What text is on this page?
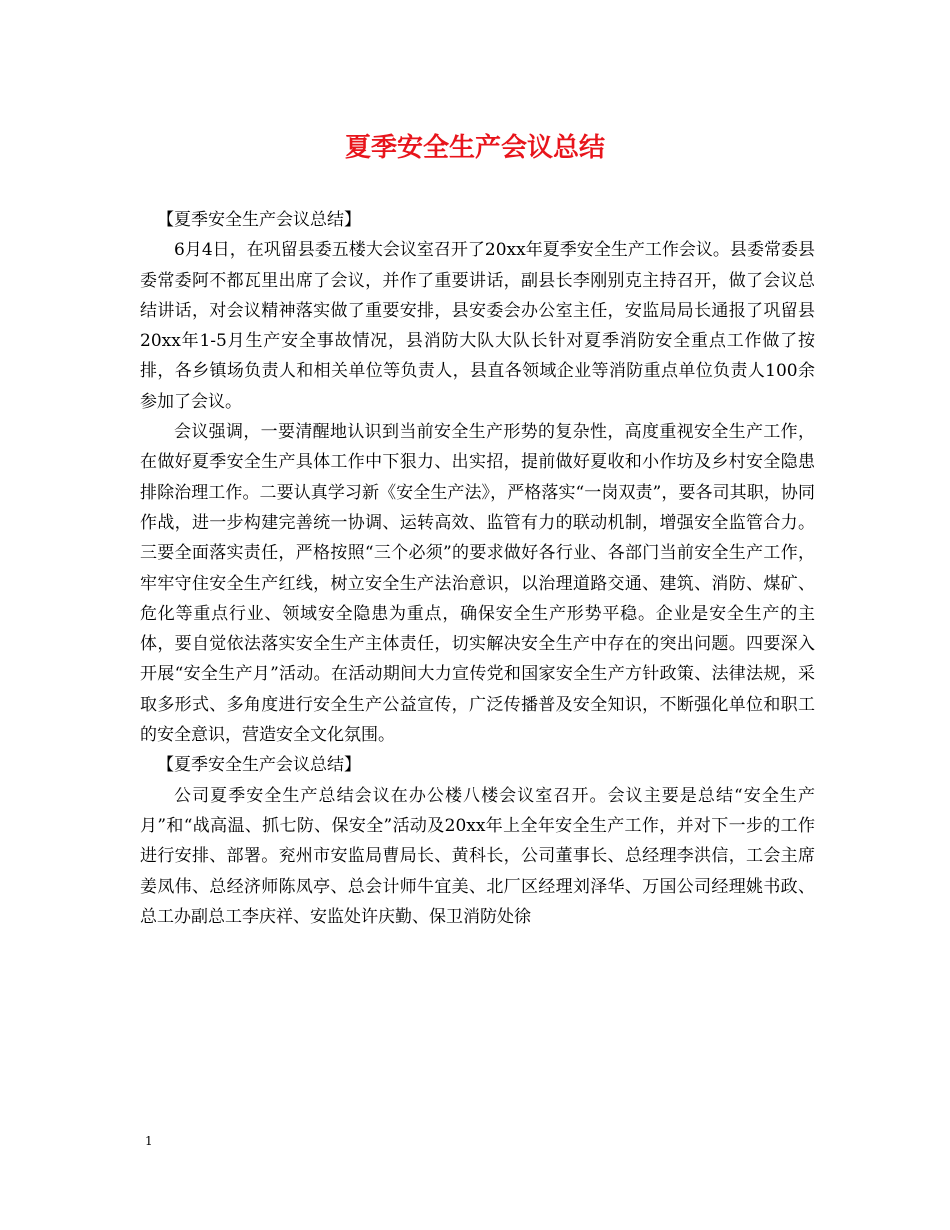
夏季安全生产会议总结

【夏季安全生产会议总结】

6月4日，在巩留县委五楼大会议室召开了20xx年夏季安全生产工作会议。县委常委县委常委阿不都瓦里出席了会议，并作了重要讲话，副县长李刚别克主持召开，做了会议总结讲话，对会议精神落实做了重要安排，县安委会办公室主任，安监局局长通报了巩留县20xx年1-5月生产安全事故情况，县消防大队大队长针对夏季消防安全重点工作做了按排，各乡镇场负责人和相关单位等负责人，县直各领域企业等消防重点单位负责人100余参加了会议。

会议强调，一要清醒地认识到当前安全生产形势的复杂性，高度重视安全生产工作，在做好夏季安全生产具体工作中下狠力、出实招，提前做好夏收和小作坊及乡村安全隐患排除治理工作。二要认真学习新《安全生产法》，严格落实“一岗双责”，要各司其职，协同作战，进一步构建完善统一协调、运转高效、监管有力的联动机制，增强安全监管合力。三要全面落实责任，严格按照“三个必须”的要求做好各行业、各部门当前安全生产工作，牢牢守住安全生产红线，树立安全生产法治意识，以治理道路交通、建筑、消防、煤矿、危化等重点行业、领域安全隐患为重点，确保安全生产形势平稳。企业是安全生产的主体，要自觉依法落实安全生产主体责任，切实解决安全生产中存在的突出问题。四要深入开展“安全生产月”活动。在活动期间大力宣传党和国家安全生产方针政策、法律法规，采取多形式、多角度进行安全生产公益宣传，广泛传播普及安全知识，不断强化单位和职工的安全意识，营造安全文化氛围。

【夏季安全生产会议总结】

公司夏季安全生产总结会议在办公楼八楼会议室召开。会议主要是总结“安全生产月”和“战高温、抓七防、保安全”活动及20xx年上全年安全生产工作，并对下一步的工作进行安排、部署。兖州市安监局曹局长、黄科长，公司董事长、总经理李洪信，工会主席姜凤伟、总经济师陈凤亭、总会计师牛宜美、北厂区经理刘泽华、万国公司经理姚书政、总工办副总工李庆祥、安监处许庆勤、保卫消防处徐

1
